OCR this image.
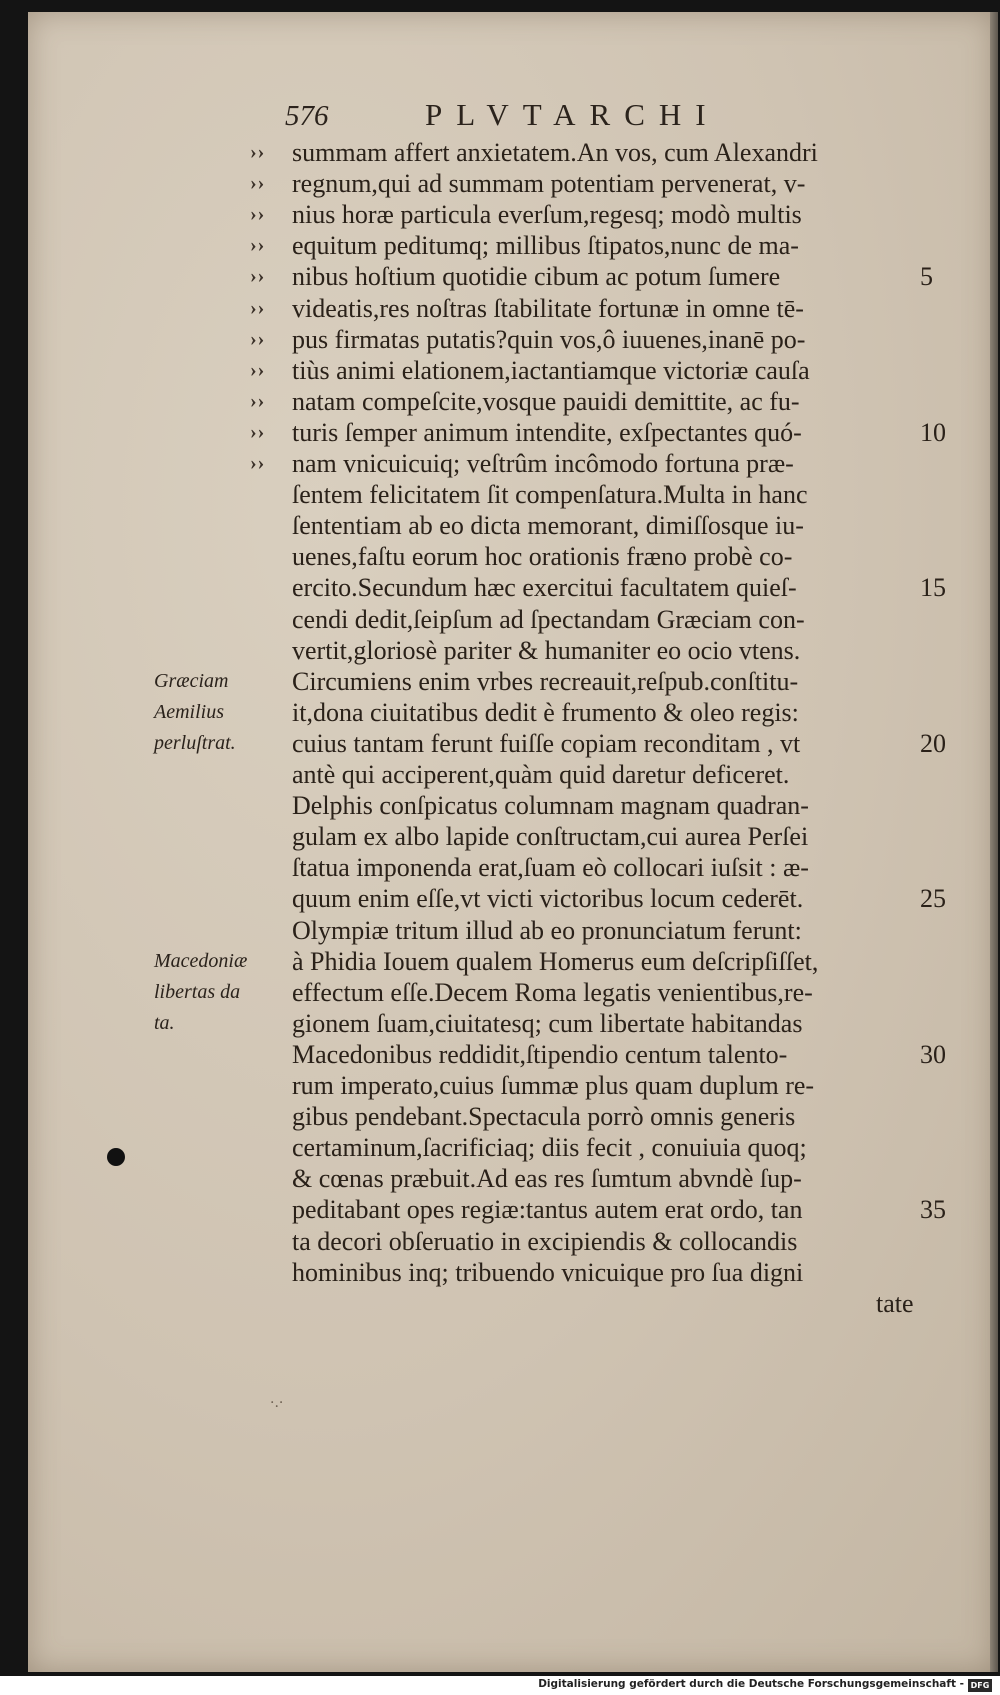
576	PLVTARCHI
summam affert anxietatem.An vos, cum Alexandri
regnum,qui ad summam potentiam pervenerat, v-
nius horæ particula everſum,regesq; modò multis
equitum peditumq; millibus ſtipatos,nunc de ma-
nibus hoſtium quotidie cibum ac potum ſumere
videatis,res noſtras ſtabilitate fortunæ in omne tē-
pus firmatas putatis?quin vos,ô iuuenes,inanē po-
tiùs animi elationem,iactantiamque victoriæ cauſa
natam compeſcite,vosque pauidi demittite, ac fu-
turis ſemper animum intendite, exſpectantes quó-
nam vnicuicuiq; veſtrûm incômodo fortuna præ-
ſentem felicitatem ſit compenſatura.Multa in hanc
ſententiam ab eo dicta memorant, dimiſſosque iu-
uenes,faſtu eorum hoc orationis fræno probè co-
ercito.Secundum hæc exercitui facultatem quieſ-
cendi dedit,ſeipſum ad ſpectandam Græciam con-
vertit,gloriosè pariter & humaniter eo ocio vtens.
Circumiens enim vrbes recreauit,reſpub.conſtitu-
it,dona ciuitatibus dedit è frumento & oleo regis:
cuius tantam ferunt fuiſſe copiam reconditam , vt
antè qui acciperent,quàm quid daretur deficeret.
Delphis conſpicatus columnam magnam quadran-
gulam ex albo lapide conſtructam,cui aurea Perſei
ſtatua imponenda erat,ſuam eò collocari iuſsit : æ-
quum enim eſſe,vt victi victoribus locum cederēt.
Olympiæ tritum illud ab eo pronunciatum ferunt:
à Phidia Iouem qualem Homerus eum deſcripſiſſet,
effectum eſſe.Decem Roma legatis venientibus,re-
gionem ſuam,ciuitatesq; cum libertate habitandas
Macedonibus reddidit,ſtipendio centum talento-
rum imperato,cuius ſummæ plus quam duplum re-
gibus pendebant.Spectacula porrò omnis generis
certaminum,ſacrificiaq; diis fecit , conuiuia quoq;
& cœnas præbuit.Ad eas res ſumtum abvndè ſup-
peditabant opes regiæ:tantus autem erat ordo, tan
ta decori obſeruatio in excipiendis & collocandis
hominibus inq; tribuendo vnicuique pro ſua digni
tate
››
››
››
››
››
››
››
››
››
››
››
5
10
15
20
25
30
35
Græciam
Aemilius
perluſtrat.
Macedoniæ
libertas da
ta.
·.·
Digitalisierung gefördert durch die Deutsche Forschungsgemeinschaft - DFG
